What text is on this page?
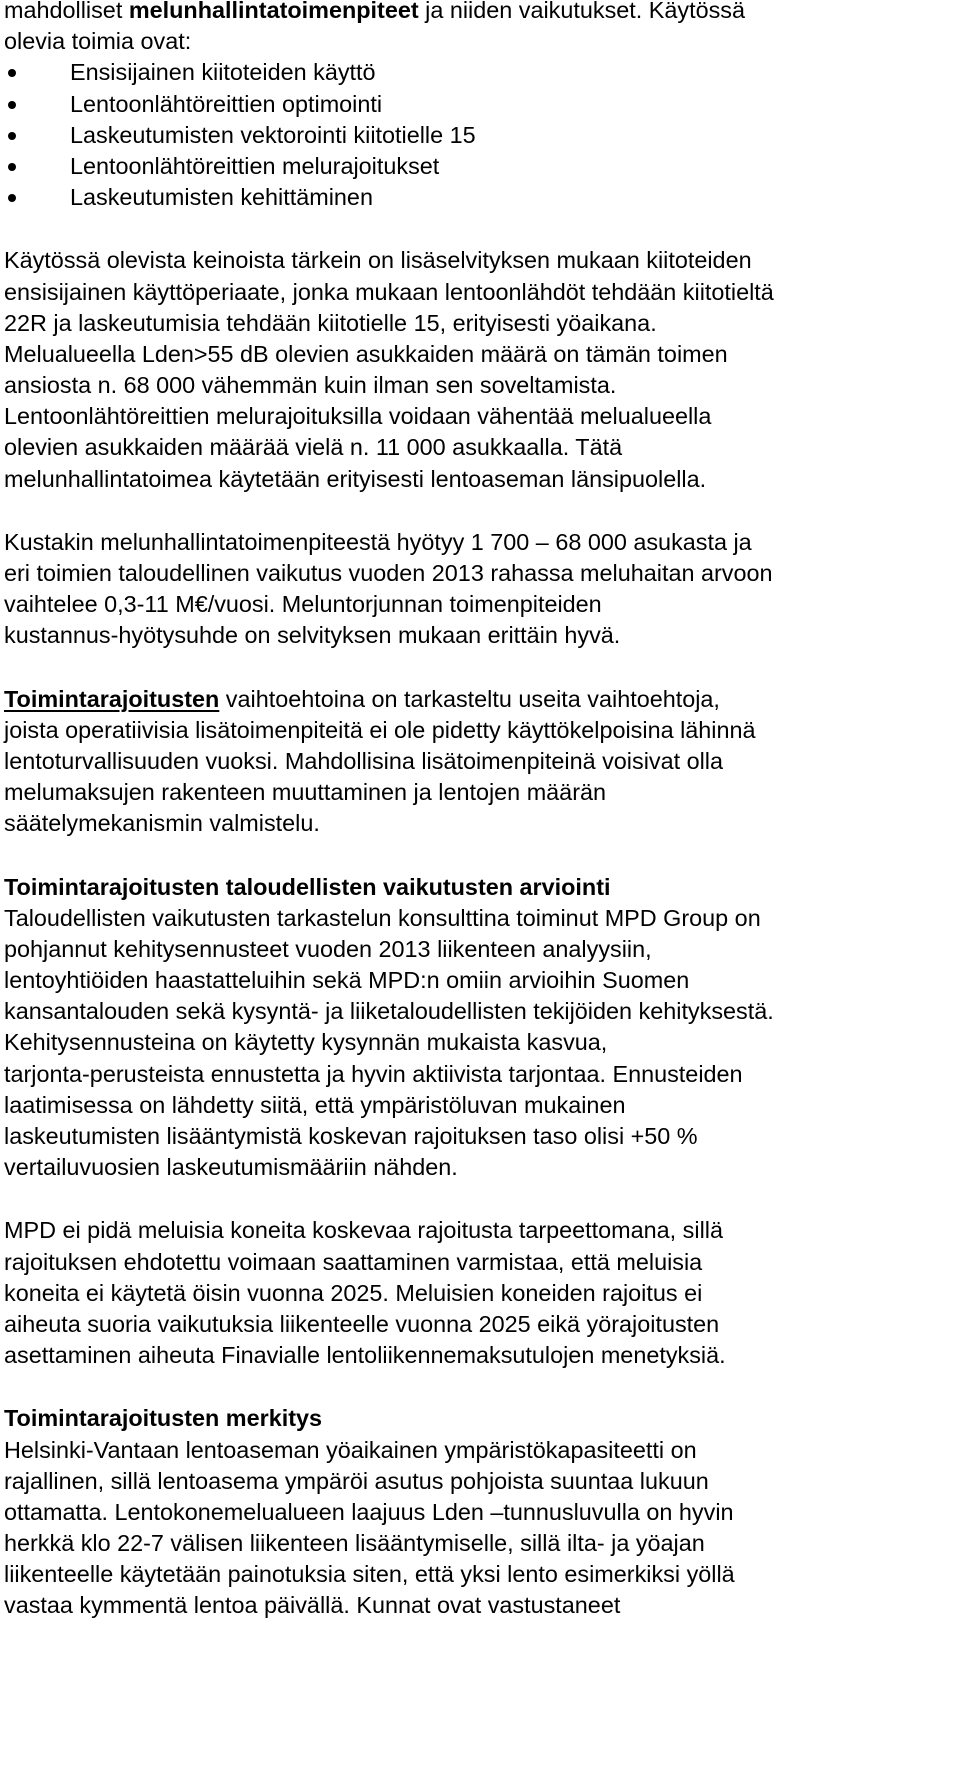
mahdolliset melunhallintatoimenpiteet ja niiden vaikutukset. Käytössä
olevia toimia ovat:
Ensisijainen kiitoteiden käyttö
Lentoonlähtöreittien optimointi
Laskeutumisten vektorointi kiitotielle 15
Lentoonlähtöreittien melurajoitukset
Laskeutumisten kehittäminen
Käytössä olevista keinoista tärkein on lisäselvityksen mukaan kiitoteiden
ensisijainen käyttöperiaate, jonka mukaan lentoonlähdöt tehdään kiitotieltä
22R ja laskeutumisia tehdään kiitotielle 15, erityisesti yöaikana.
Melualueella Lden>55 dB olevien asukkaiden määrä on tämän toimen
ansiosta n. 68 000 vähemmän kuin ilman sen soveltamista.
Lentoonlähtöreittien melurajoituksilla voidaan vähentää melualueella
olevien asukkaiden määrää vielä n. 11 000 asukkaalla. Tätä
melunhallintatoimea käytetään erityisesti lentoaseman länsipuolella.
Kustakin melunhallintatoimenpiteestä hyötyy 1 700 – 68 000 asukasta ja
eri toimien taloudellinen vaikutus vuoden 2013 rahassa meluhaitan arvoon
vaihtelee 0,3-11 M€/vuosi. Meluntorjunnan toimenpiteiden
kustannus-hyötysuhde on selvityksen mukaan erittäin hyvä.
Toimintarajoitusten vaihtoehtoina on tarkasteltu useita vaihtoehtoja,
joista operatiivisia lisätoimenpiteitä ei ole pidetty käyttökelpoisina lähinnä
lentoturvallisuuden vuoksi. Mahdollisina lisätoimenpiteinä voisivat olla
melumaksujen rakenteen muuttaminen ja lentojen määrän
säätelymekanismin valmistelu.
Toimintarajoitusten taloudellisten vaikutusten arviointi
Taloudellisten vaikutusten tarkastelun konsulttina toiminut MPD Group on
pohjannut kehitysennusteet vuoden 2013 liikenteen analyysiin,
lentoyhtiöiden haastatteluihin sekä MPD:n omiin arvioihin Suomen
kansantalouden sekä kysyntä- ja liiketaloudellisten tekijöiden kehityksestä.
Kehitysennusteina on käytetty kysynnän mukaista kasvua,
tarjonta-perusteista ennustetta ja hyvin aktiivista tarjontaa. Ennusteiden
laatimisessa on lähdetty siitä, että ympäristöluvan mukainen
laskeutumisten lisääntymistä koskevan rajoituksen taso olisi +50 %
vertailuvuosien laskeutumismääriin nähden.
MPD ei pidä meluisia koneita koskevaa rajoitusta tarpeettomana, sillä
rajoituksen ehdotettu voimaan saattaminen varmistaa, että meluisia
koneita ei käytetä öisin vuonna 2025. Meluisien koneiden rajoitus ei
aiheuta suoria vaikutuksia liikenteelle vuonna 2025 eikä yörajoitusten
asettaminen aiheuta Finavialle lentoliikennemaksutulojen menetyksiä.
Toimintarajoitusten merkitys
Helsinki-Vantaan lentoaseman yöaikainen ympäristökapasiteetti on
rajallinen, sillä lentoasema ympäröi asutus pohjoista suuntaa lukuun
ottamatta. Lentokonemelualueen laajuus Lden –tunnusluvulla on hyvin
herkkä klo 22-7 välisen liikenteen lisääntymiselle, sillä ilta- ja yöajan
liikenteelle käytetään painotuksia siten, että yksi lento esimerkiksi yöllä
vastaa kymmentä lentoa päivällä. Kunnat ovat vastustaneet
